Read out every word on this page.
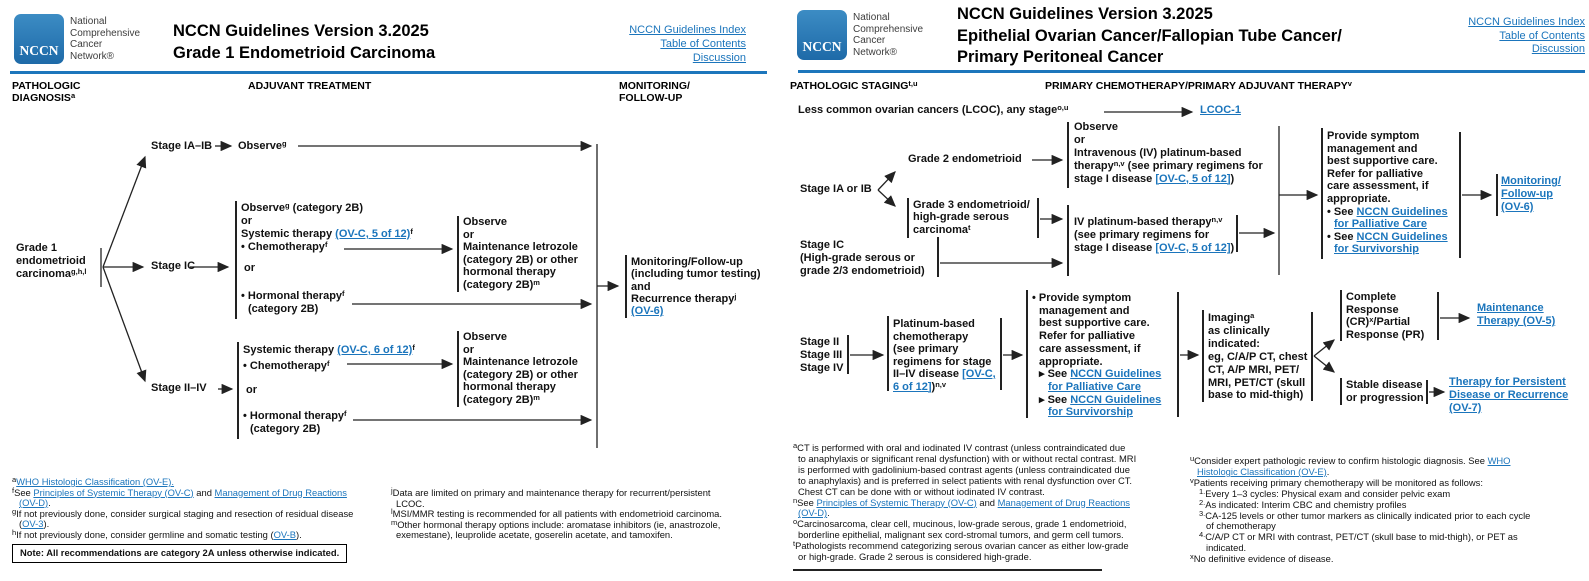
NCCN
National
Comprehensive
Cancer
Network®
NCCN Guidelines Version 3.2025
Grade 1 Endometrioid Carcinoma
NCCN Guidelines Index
Table of Contents
Discussion
PATHOLOGIC
DIAGNOSIS$^a$
ADJUVANT TREATMENT	MONITORING/
FOLLOW-UP
Grade 1
endometrioid
carcinoma$^{g,h,l}$
Stage IA–IB Observe$^g$
Stage IC
Observe$^g$ (category 2B)
or
Systemic therapy (OV-C, 5 of 12)$^f$
• Chemotherapy$^f$
or
• Hormonal therapy$^f$
(category 2B)
Observe
or
Maintenance letrozole
(category 2B) or other
hormonal therapy
(category 2B)$^m$
Stage II–IV
Systemic therapy (OV-C, 6 of 12)$^f$
• Chemotherapy$^f$
or
• Hormonal therapy$^f$
(category 2B)
Observe
or
Maintenance letrozole
(category 2B) or other
hormonal therapy
(category 2B)$^m$
Monitoring/Follow-up
(including tumor testing)
and
Recurrence therapy$^j$
(OV-6)
$^a$WHO Histologic Classification (OV-E).
$^f$See Principles of Systemic Therapy (OV-C) and Management of Drug Reactions
(OV-D).
$^g$If not previously done, consider surgical staging and resection of residual disease
(OV-3).
$^h$If not previously done, consider germline and somatic testing (OV-B).
$^j$Data are limited on primary and maintenance therapy for recurrent/persistent
LCOC.
$^l$MSI/MMR testing is recommended for all patients with endometrioid carcinoma.
$^m$Other hormonal therapy options include: aromatase inhibitors (ie, anastrozole,
exemestane), leuprolide acetate, goserelin acetate, and tamoxifen.
Note: All recommendations are category 2A unless otherwise indicated.
NCCN
National
Comprehensive
Cancer
Network®
NCCN Guidelines Version 3.2025
Epithelial Ovarian Cancer/Fallopian Tube Cancer/
Primary Peritoneal Cancer
NCCN Guidelines Index
Table of Contents
Discussion
PATHOLOGIC STAGING$^{t,u}$	PRIMARY CHEMOTHERAPY/PRIMARY ADJUVANT THERAPY$^v$
Less common ovarian cancers (LCOC), any stage$^{o,u}$	LCOC-1
Stage IA or IB
Grade 2 endometrioid
Grade 3 endometrioid/
high-grade serous
carcinoma$^t$
Observe
or
Intravenous (IV) platinum-based
therapy$^{n,v}$ (see primary regimens for
stage I disease [OV-C, 5 of 12])
Stage IC
(High-grade serous or
grade 2/3 endometrioid)
IV platinum-based therapy$^{n,v}$
(see primary regimens for
stage I disease [OV-C, 5 of 12])
Provide symptom
management and
best supportive care.
Refer for palliative
care assessment, if
appropriate.
• See NCCN Guidelines
for Palliative Care
• See NCCN Guidelines
for Survivorship
Monitoring/
Follow-up
(OV-6)
Stage II
Stage III
Stage IV
Platinum-based
chemotherapy
(see primary
regimens for stage
II–IV disease [OV-C,
6 of 12])$^{n,v}$
• Provide symptom
management and
best supportive care.
Refer for palliative
care assessment, if
appropriate.
▸ See NCCN Guidelines
for Palliative Care
▸ See NCCN Guidelines
for Survivorship
Imaging$^a$
as clinically
indicated:
eg, C/A/P CT, chest
CT, A/P MRI, PET/
MRI, PET/CT (skull
base to mid-thigh)
Complete
Response
(CR)$^x$/Partial
Response (PR)
Maintenance
Therapy (OV-5)
Stable disease
or progression
Therapy for Persistent
Disease or Recurrence
(OV-7)
$^a$CT is performed with oral and iodinated IV contrast (unless contraindicated due
to anaphylaxis or significant renal dysfunction) with or without rectal contrast. MRI
is performed with gadolinium-based contrast agents (unless contraindicated due
to anaphylaxis) and is preferred in select patients with renal dysfunction over CT.
Chest CT can be done with or without iodinated IV contrast.
$^n$See Principles of Systemic Therapy (OV-C) and Management of Drug Reactions
(OV-D).
$^o$Carcinosarcoma, clear cell, mucinous, low-grade serous, grade 1 endometrioid,
borderline epithelial, malignant sex cord-stromal tumors, and germ cell tumors.
$^t$Pathologists recommend categorizing serous ovarian cancer as either low-grade
or high-grade. Grade 2 serous is considered high-grade.
$^u$Consider expert pathologic review to confirm histologic diagnosis. See WHO
Histologic Classification (OV-E).
$^v$Patients receiving primary chemotherapy will be monitored as follows:
$^{1.}$Every 1–3 cycles: Physical exam and consider pelvic exam
$^{2.}$As indicated: Interim CBC and chemistry profiles
$^{3.}$CA-125 levels or other tumor markers as clinically indicated prior to each cycle
of chemotherapy
$^{4.}$C/A/P CT or MRI with contrast, PET/CT (skull base to mid-thigh), or PET as
indicated.
$^x$No definitive evidence of disease.
